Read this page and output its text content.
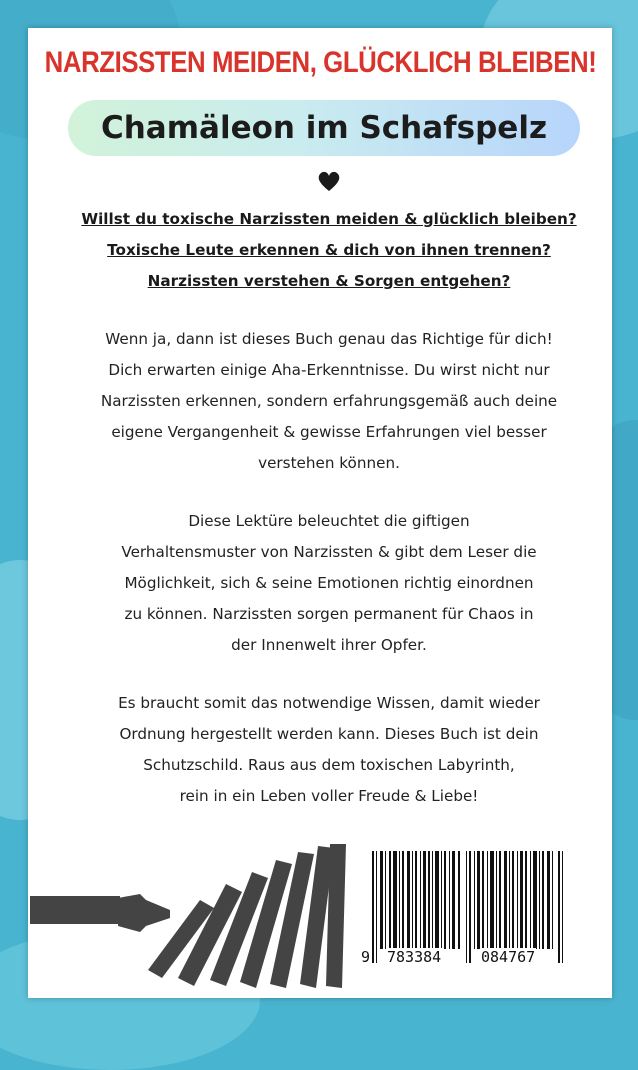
NARZISSTEN MEIDEN, GLÜCKLICH BLEIBEN!
Chamäleon im Schafspelz
Willst du toxische Narzissten meiden & glücklich bleiben?
Toxische Leute erkennen & dich von ihnen trennen?
Narzissten verstehen & Sorgen entgehen?
Wenn ja, dann ist dieses Buch genau das Richtige für dich!
Dich erwarten einige Aha-Erkenntnisse. Du wirst nicht nur
Narzissten erkennen, sondern erfahrungsgemäß auch deine
eigene Vergangenheit & gewisse Erfahrungen viel besser
verstehen können.
Diese Lektüre beleuchtet die giftigen
Verhaltensmuster von Narzissten & gibt dem Leser die
Möglichkeit, sich & seine Emotionen richtig einordnen
zu können. Narzissten sorgen permanent für Chaos in
der Innenwelt ihrer Opfer.
Es braucht somit das notwendige Wissen, damit wieder
Ordnung hergestellt werden kann. Dieses Buch ist dein
Schutzschild. Raus aus dem toxischen Labyrinth,
rein in ein Leben voller Freude & Liebe!
9 783384	084767
